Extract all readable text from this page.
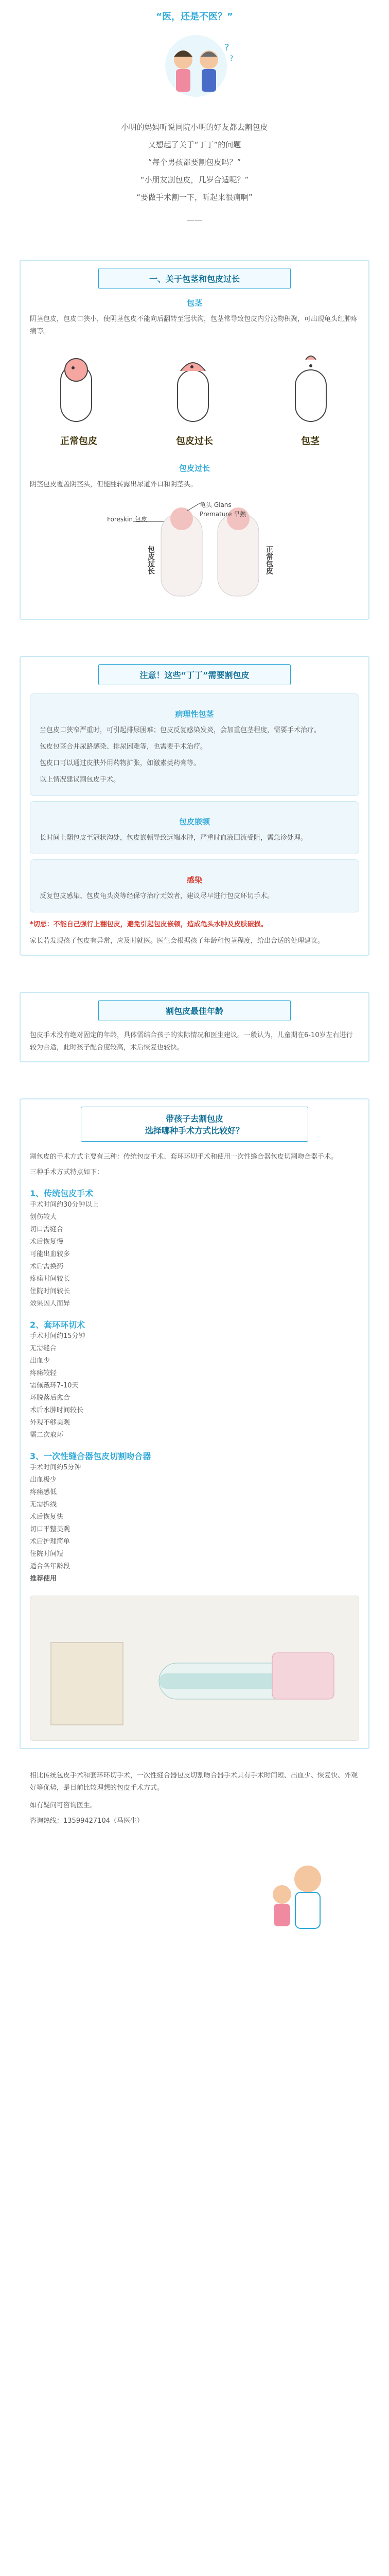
“医，还是不医？”
?
?
小明的妈妈听说同院小明的好友都去割包皮
又想起了关于“丁丁”的问题
“每个男孩都要割包皮吗？”
“小朋友割包皮，几岁合适呢？”
“要做手术割一下，听起来很痛啊”
——
一、关于包茎和包皮过长
包茎
阴茎包皮，包皮口狭小，使阴茎包皮不能向后翻转至冠状沟，包茎常导致包皮内分泌物积聚，可出现龟头红肿疼痛等。
正常包皮	包皮过长	包茎
包皮过长
阴茎包皮覆盖阴茎头，但能翻转露出尿道外口和阴茎头。
Foreskin 包皮
龟头 Glans
Premature 早熟
包皮过长	正常包皮
注意！这些“丁丁”需要割包皮
病理性包茎
当包皮口狭窄严重时，可引起排尿困难；包皮反复感染发炎，会加重包茎程度，需要手术治疗。
包皮包茎合并尿路感染、排尿困难等，也需要手术治疗。
包皮口可以通过皮肤外用药物扩张，如激素类药膏等。
以上情况建议割包皮手术。
包皮嵌顿
长时间上翻包皮至冠状沟处，包皮嵌顿导致远端水肿，严重时血液回流受阻，需急诊处理。
感染
反复包皮感染、包皮龟头炎等经保守治疗无效者，建议尽早进行包皮环切手术。
*切忌：不能自己强行上翻包皮，避免引起包皮嵌顿，造成龟头水肿及皮肤破损。
家长若发现孩子包皮有异常，应及时就医。医生会根据孩子年龄和包茎程度，给出合适的处理建议。
割包皮最佳年龄
包皮手术没有绝对固定的年龄，具体需结合孩子的实际情况和医生建议。一般认为，儿童期在6-10岁左右进行较为合适，此时孩子配合度较高，术后恢复也较快。
带孩子去割包皮
选择哪种手术方式比较好？
割包皮的手术方式主要有三种：传统包皮手术、套环环切手术和使用一次性缝合器包皮切割吻合器手术。
三种手术方式特点如下：
1、传统包皮手术
手术时间约30分钟以上
创伤较大
切口需缝合
术后恢复慢
可能出血较多
术后需换药
疼痛时间较长
住院时间较长
效果因人而异
2、套环环切术
手术时间约15分钟
无需缝合
出血少
疼痛较轻
需佩戴环7-10天
环脱落后愈合
术后水肿时间较长
外观不够美观
需二次取环
3、一次性缝合器包皮切割吻合器
手术时间约5分钟
出血极少
疼痛感低
无需拆线
术后恢复快
切口平整美观
术后护理简单
住院时间短
适合各年龄段
推荐使用
相比传统包皮手术和套环环切手术，一次性缝合器包皮切割吻合器手术具有手术时间短、出血少、恢复快、外观好等优势，是目前比较理想的包皮手术方式。
如有疑问可咨询医生。
咨询热线：13599427104（马医生）
